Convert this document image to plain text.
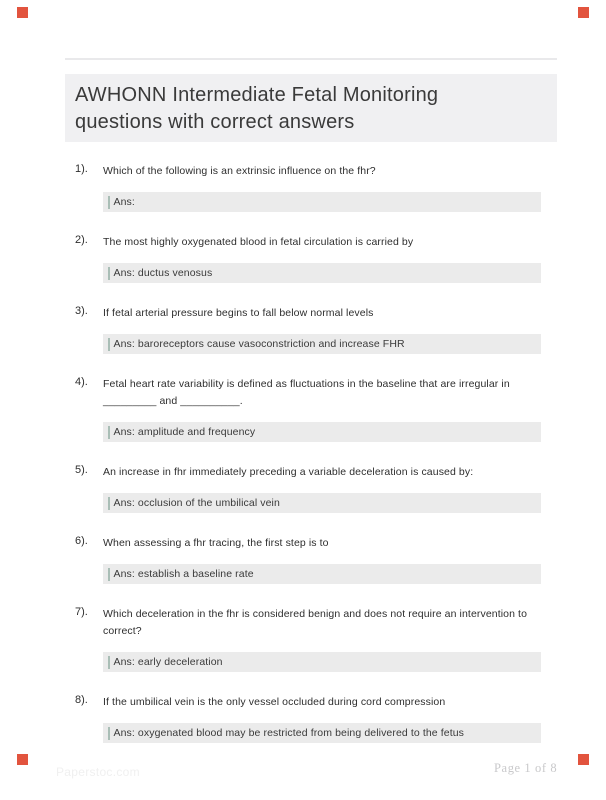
AWHONN Intermediate Fetal Monitoring questions with correct answers
1). Which of the following is an extrinsic influence on the fhr?
Ans:
2). The most highly oxygenated blood in fetal circulation is carried by
Ans: ductus venosus
3). If fetal arterial pressure begins to fall below normal levels
Ans: baroreceptors cause vasoconstriction and increase FHR
4). Fetal heart rate variability is defined as fluctuations in the baseline that are irregular in _________ and __________.
Ans: amplitude and frequency
5). An increase in fhr immediately preceding a variable deceleration is caused by:
Ans: occlusion of the umbilical vein
6). When assessing a fhr tracing, the first step is to
Ans: establish a baseline rate
7). Which deceleration in the fhr is considered benign and does not require an intervention to correct?
Ans: early deceleration
8). If the umbilical vein is the only vessel occluded during cord compression
Ans: oxygenated blood may be restricted from being delivered to the fetus
Paperstoc.com	Page 1 of 8
